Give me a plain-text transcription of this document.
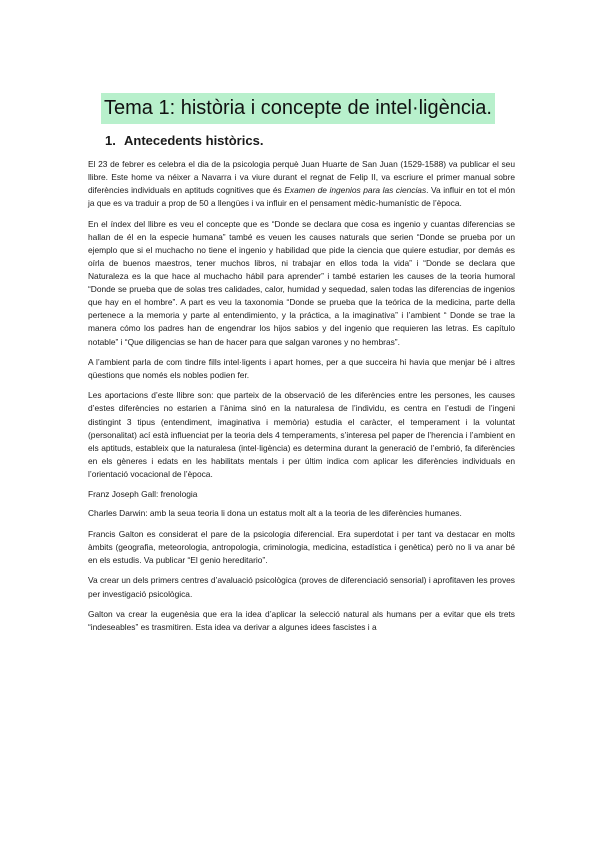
Tema 1: història i concepte de intel·ligència.
1. Antecedents històrics.

El 23 de febrer es celebra el dia de la psicologia perquè Juan Huarte de San Juan (1529-1588) va publicar el seu llibre. Este home va néixer a Navarra i va viure durant el regnat de Felip II, va escriure el primer manual sobre diferències individuals en aptituds cognitives que és Examen de ingenios para las ciencias. Va influir en tot el món ja que es va traduir a prop de 50 a llengües i va influir en el pensament mèdic-humanístic de l’època.

En el índex del llibre es veu el concepte que es “Donde se declara que cosa es ingenio y cuantas diferencias se hallan de él en la especie humana” també es veuen les causes naturals que serien “Donde se prueba por un ejemplo que si el muchacho no tiene el ingenio y habilidad que pide la ciencia que quiere estudiar, por demás es oírla de buenos maestros, tener muchos libros, ni trabajar en ellos toda la vida” i “Donde se declara que Naturaleza es la que hace al muchacho hábil para aprender” i també estarien les causes de la teoria humoral “Donde se prueba que de solas tres calidades, calor, humidad y sequedad, salen todas las diferencias de ingenios que hay en el hombre”. A part es veu la taxonomia “Donde se prueba que la teórica de la medicina, parte della pertenece a la memoria y parte al entendimiento, y la práctica, a la imaginativa” i l’ambient “ Donde se trae la manera cómo los padres han de engendrar los hijos sabios y del ingenio que requieren las letras. Es capítulo notable” i “Que diligencias se han de hacer para que salgan varones y no hembras”.

A l’ambient parla de com tindre fills intel·ligents i apart homes, per a que succeira hi havia que menjar bé i altres qüestions que només els nobles podien fer.

Les aportacions d’este llibre son: que parteix de la observació de les diferències entre les persones, les causes d’estes diferències no estarien a l’ànima sinó en la naturalesa de l’individu, es centra en l’estudi de l’ingeni distingint 3 tipus (entendiment, imaginativa i memòria) estudia el caràcter, el temperament i la voluntat (personalitat) ací està influenciat per la teoria dels 4 temperaments, s’interesa pel paper de l’herencia i l’ambient en els aptituds, estableix que la naturalesa (intel·ligència) es determina durant la generació de l’embrió, fa diferències en els gèneres i edats en les habilitats mentals i per últim indica com aplicar les diferències individuals en l’orientació vocacional de l’època.

Franz Joseph Gall: frenologia

Charles Darwin: amb la seua teoria li dona un estatus molt alt a la teoria de les diferències humanes.

Francis Galton es considerat el pare de la psicologia diferencial. Era superdotat i per tant va destacar en molts àmbits (geografia, meteorologia, antropologia, criminologia, medicina, estadística i genètica) però no li va anar bé en els estudis. Va publicar “El genio hereditario”.

Va crear un dels primers centres d’avaluació psicològica (proves de diferenciació sensorial) i aprofitaven les proves per investigació psicològica.

Galton va crear la eugenèsia que era la idea d’aplicar la selecció natural als humans per a evitar que els trets “indeseables” es trasmitiren. Esta idea va derivar a algunes idees fascistes i a
